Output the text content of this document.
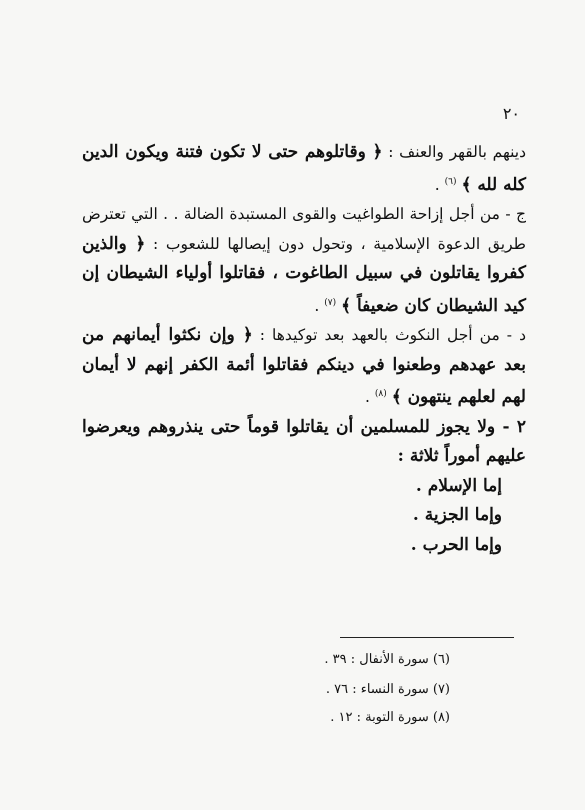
٢٠

دينهم بالقهر والعنف : ﴿ وقاتلوهم حتى لا تكون فتنة ويكون الدين كله لله ﴾ $^{(٦)}$ .

ج - من أجل إزاحة الطواغيت والقوى المستبدة الضالة . . التي تعترض طريق الدعوة الإسلامية ، وتحول دون إيصالها للشعوب : ﴿ والذين كفروا يقاتلون في سبيل الطاغوت ، فقاتلوا أولياء الشيطان إن كيد الشيطان كان ضعيفاً ﴾ $^{(٧)}$ .

د - من أجل النكوث بالعهد بعد توكيدها : ﴿ وإن نكثوا أيمانهم من بعد عهدهم وطعنوا في دينكم فقاتلوا أئمة الكفر إنهم لا أيمان لهم لعلهم ينتهون ﴾ $^{(٨)}$ .

٢ - ولا يجوز للمسلمين أن يقاتلوا قوماً حتى ينذروهم ويعرضوا عليهم أموراً ثلاثة :

إما الإسلام .

وإما الجزية .

وإما الحرب .

(٦) سورة الأنفال : ٣٩ .
(٧) سورة النساء : ٧٦ .
(٨) سورة التوبة : ١٢ .
